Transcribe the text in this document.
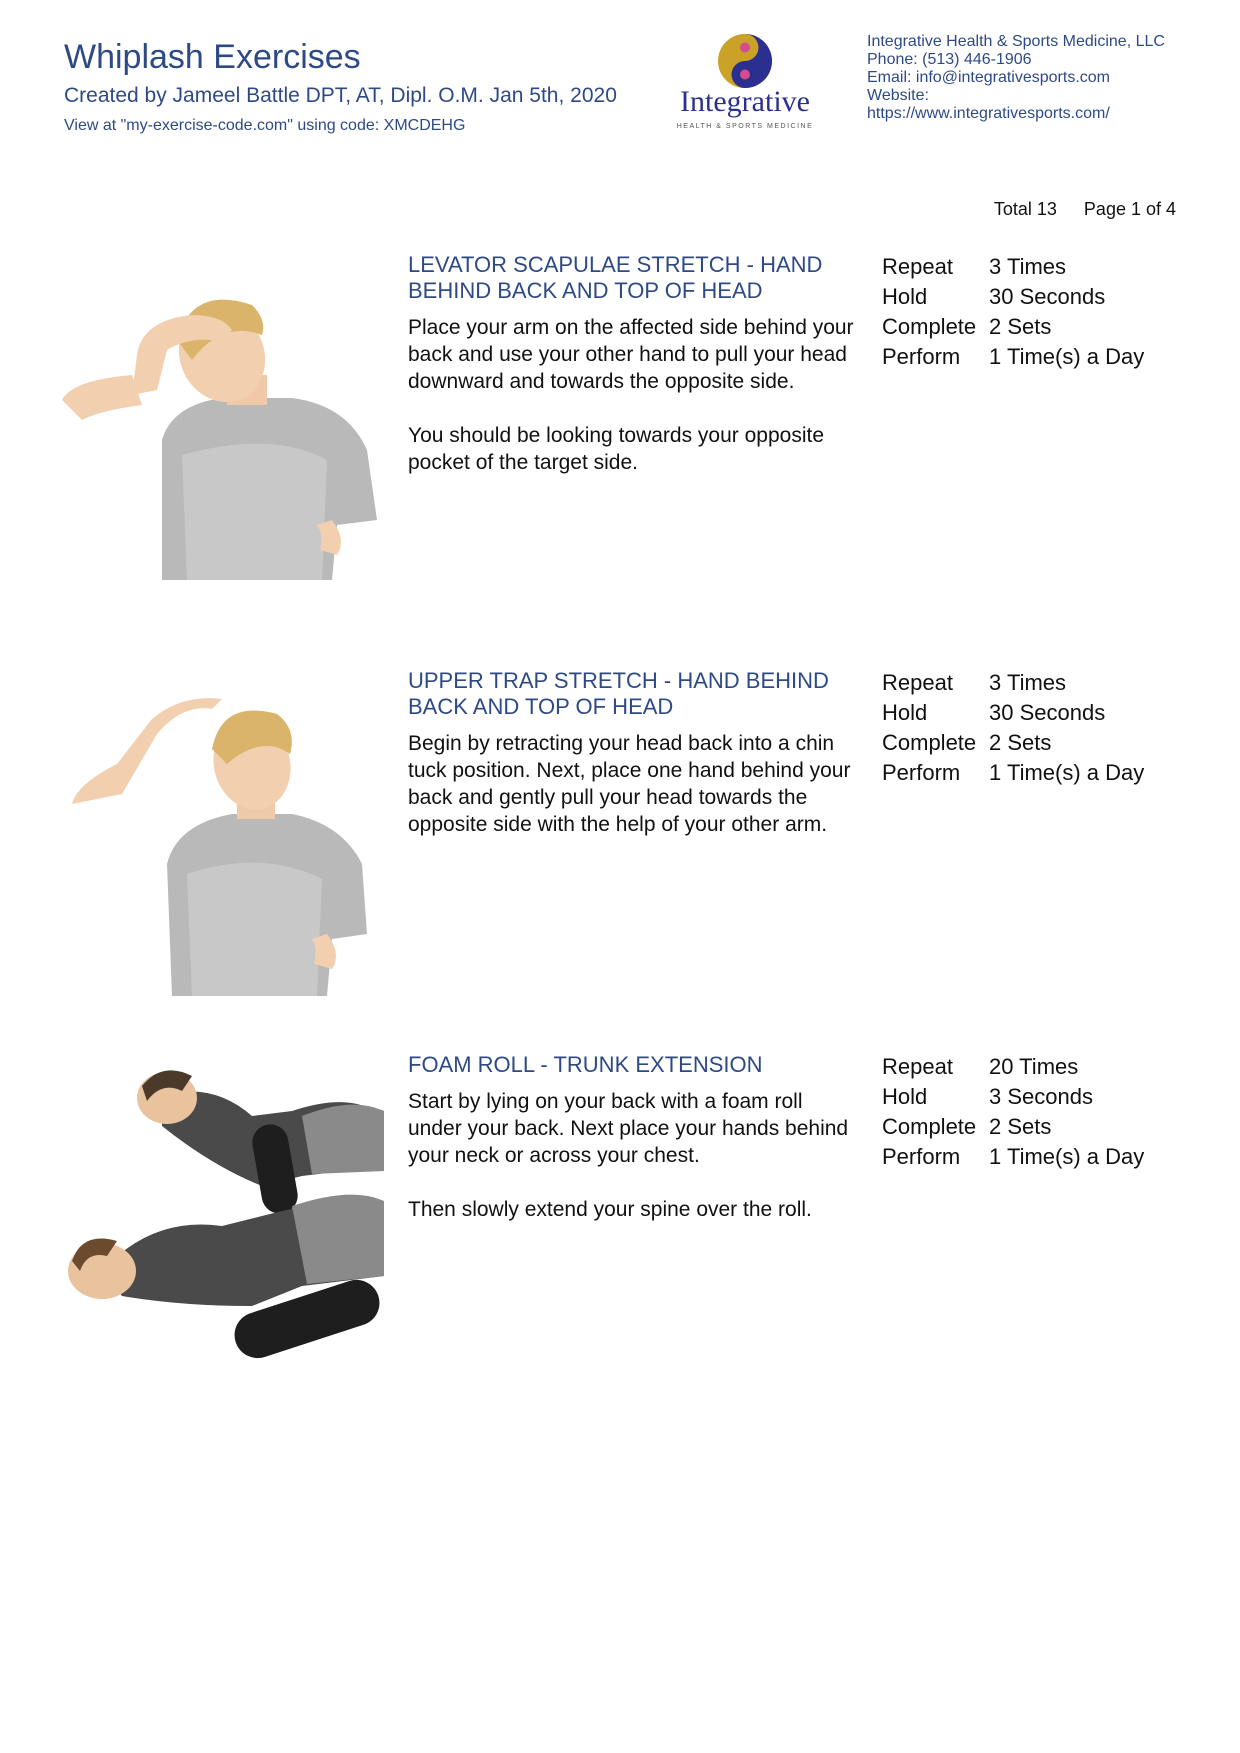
Whiplash Exercises
Created by Jameel Battle DPT, AT, Dipl. O.M. Jan 5th, 2020
View at "my-exercise-code.com" using code: XMCDEHG
Integrative
HEALTH & SPORTS MEDICINE
Integrative Health & Sports Medicine, LLC
Phone: (513) 446-1906
Email: info@integrativesports.com
Website:
https://www.integrativesports.com/
Total 13 Page 1 of 4
LEVATOR SCAPULAE STRETCH - HAND BEHIND BACK AND TOP OF HEAD

Place your arm on the affected side behind your back and use your other hand to pull your head downward and towards the opposite side.

You should be looking towards your opposite pocket of the target side.

Repeat	3 Times
Hold	30 Seconds
Complete 2 Sets
Perform	1 Time(s) a Day
UPPER TRAP STRETCH - HAND BEHIND BACK AND TOP OF HEAD

Begin by retracting your head back into a chin tuck position. Next, place one hand behind your back and gently pull your head towards the opposite side with the help of your other arm.

Repeat	3 Times
Hold	30 Seconds
Complete 2 Sets
Perform	1 Time(s) a Day
FOAM ROLL - TRUNK EXTENSION

Start by lying on your back with a foam roll under your back. Next place your hands behind your neck or across your chest.

Then slowly extend your spine over the roll.

Repeat	20 Times
Hold	3 Seconds
Complete 2 Sets
Perform	1 Time(s) a Day
